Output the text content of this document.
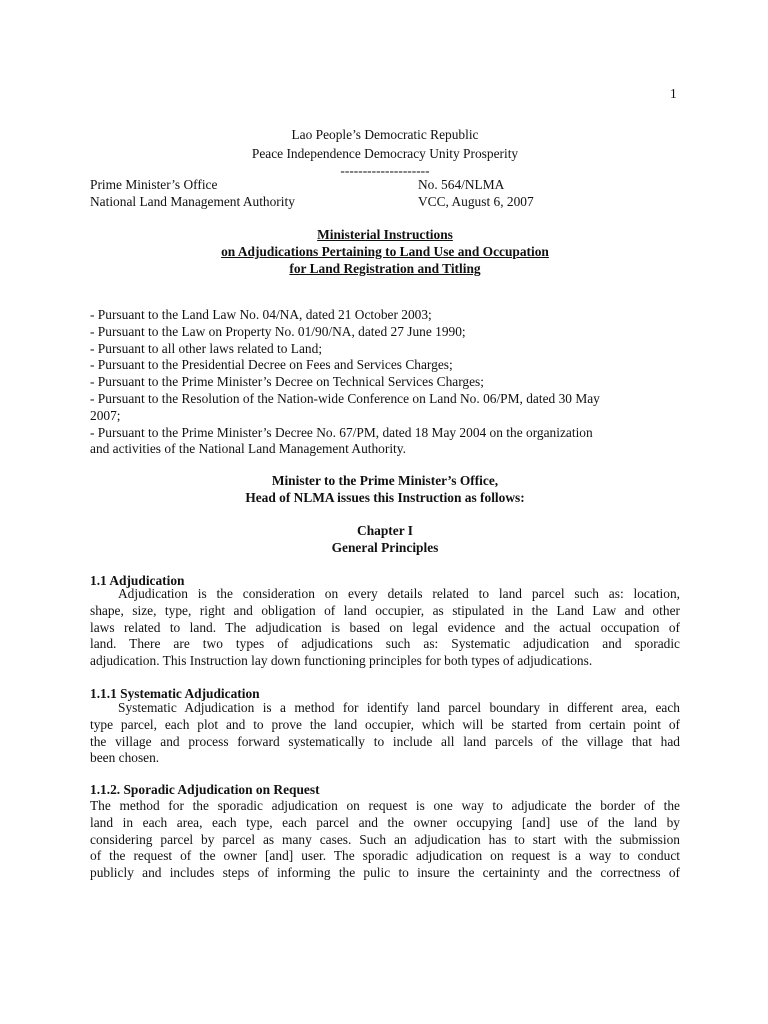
1
Lao People’s Democratic Republic
Peace Independence Democracy Unity Prosperity
--------------------
Prime Minister’s Office	No. 564/NLMA
National Land Management Authority	VCC, August 6, 2007
Ministerial Instructions
on Adjudications Pertaining to Land Use and Occupation
for Land Registration and Titling
- Pursuant to the Land Law No. 04/NA, dated 21 October 2003;
- Pursuant to the Law on Property No. 01/90/NA, dated 27 June 1990;
- Pursuant to all other laws related to Land;
- Pursuant to the Presidential Decree on Fees and Services Charges;
- Pursuant to the Prime Minister’s Decree on Technical Services Charges;
- Pursuant to the Resolution of the Nation-wide Conference on Land No. 06/PM, dated 30 May
2007;
- Pursuant to the Prime Minister’s Decree No. 67/PM, dated 18 May 2004 on the organization
and activities of the National Land Management Authority.
Minister to the Prime Minister’s Office,
Head of NLMA issues this Instruction as follows:
Chapter I
General Principles
1.1 Adjudication
Adjudication is the consideration on every details related to land parcel such as: location,
shape, size, type, right and obligation of land occupier, as stipulated in the Land Law and other
laws related to land. The adjudication is based on legal evidence and the actual occupation of
land. There are two types of adjudications such as: Systematic adjudication and sporadic
adjudication. This Instruction lay down functioning principles for both types of adjudications.
1.1.1 Systematic Adjudication
Systematic Adjudication is a method for identify land parcel boundary in different area, each
type parcel, each plot and to prove the land occupier, which will be started from certain point of
the village and process forward systematically to include all land parcels of the village that had
been chosen.
1.1.2. Sporadic Adjudication on Request
The method for the sporadic adjudication on request is one way to adjudicate the border of the
land in each area, each type, each parcel and the owner occupying [and] use of the land by
considering parcel by parcel as many cases. Such an adjudication has to start with the submission
of the request of the owner [and] user. The sporadic adjudication on request is a way to conduct
publicly and includes steps of informing the pulic to insure the certaininty and the correctness of
